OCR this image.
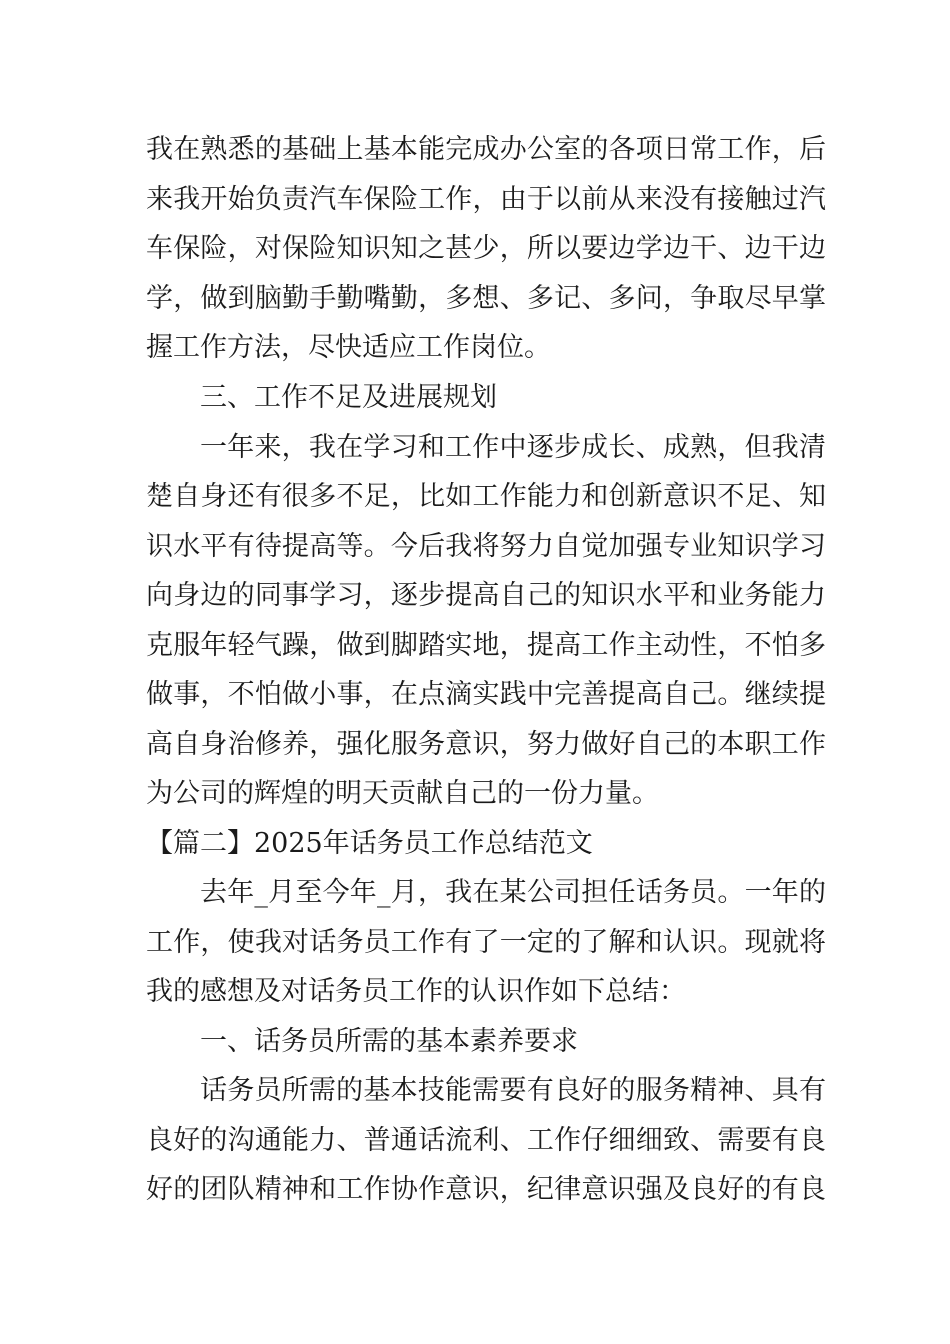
我在熟悉的基础上基本能完成办公室的各项日常工作，后

来我开始负责汽车保险工作，由于以前从来没有接触过汽

车保险，对保险知识知之甚少，所以要边学边干、边干边

学，做到脑勤手勤嘴勤，多想、多记、多问，争取尽早掌

握工作方法，尽快适应工作岗位。

三、工作不足及进展规划

一年来，我在学习和工作中逐步成长、成熟，但我清

楚自身还有很多不足，比如工作能力和创新意识不足、知

识水平有待提高等。今后我将努力自觉加强专业知识学习

向身边的同事学习，逐步提高自己的知识水平和业务能力

克服年轻气躁，做到脚踏实地，提高工作主动性，不怕多

做事，不怕做小事，在点滴实践中完善提高自己。继续提

高自身治修养，强化服务意识，努力做好自己的本职工作

为公司的辉煌的明天贡献自己的一份力量。

【篇二】2025年话务员工作总结范文

去年_月至今年_月，我在某公司担任话务员。一年的

工作，使我对话务员工作有了一定的了解和认识。现就将

我的感想及对话务员工作的认识作如下总结：

一、话务员所需的基本素养要求

话务员所需的基本技能需要有良好的服务精神、具有

良好的沟通能力、普通话流利、工作仔细细致、需要有良

好的团队精神和工作协作意识，纪律意识强及良好的有良
